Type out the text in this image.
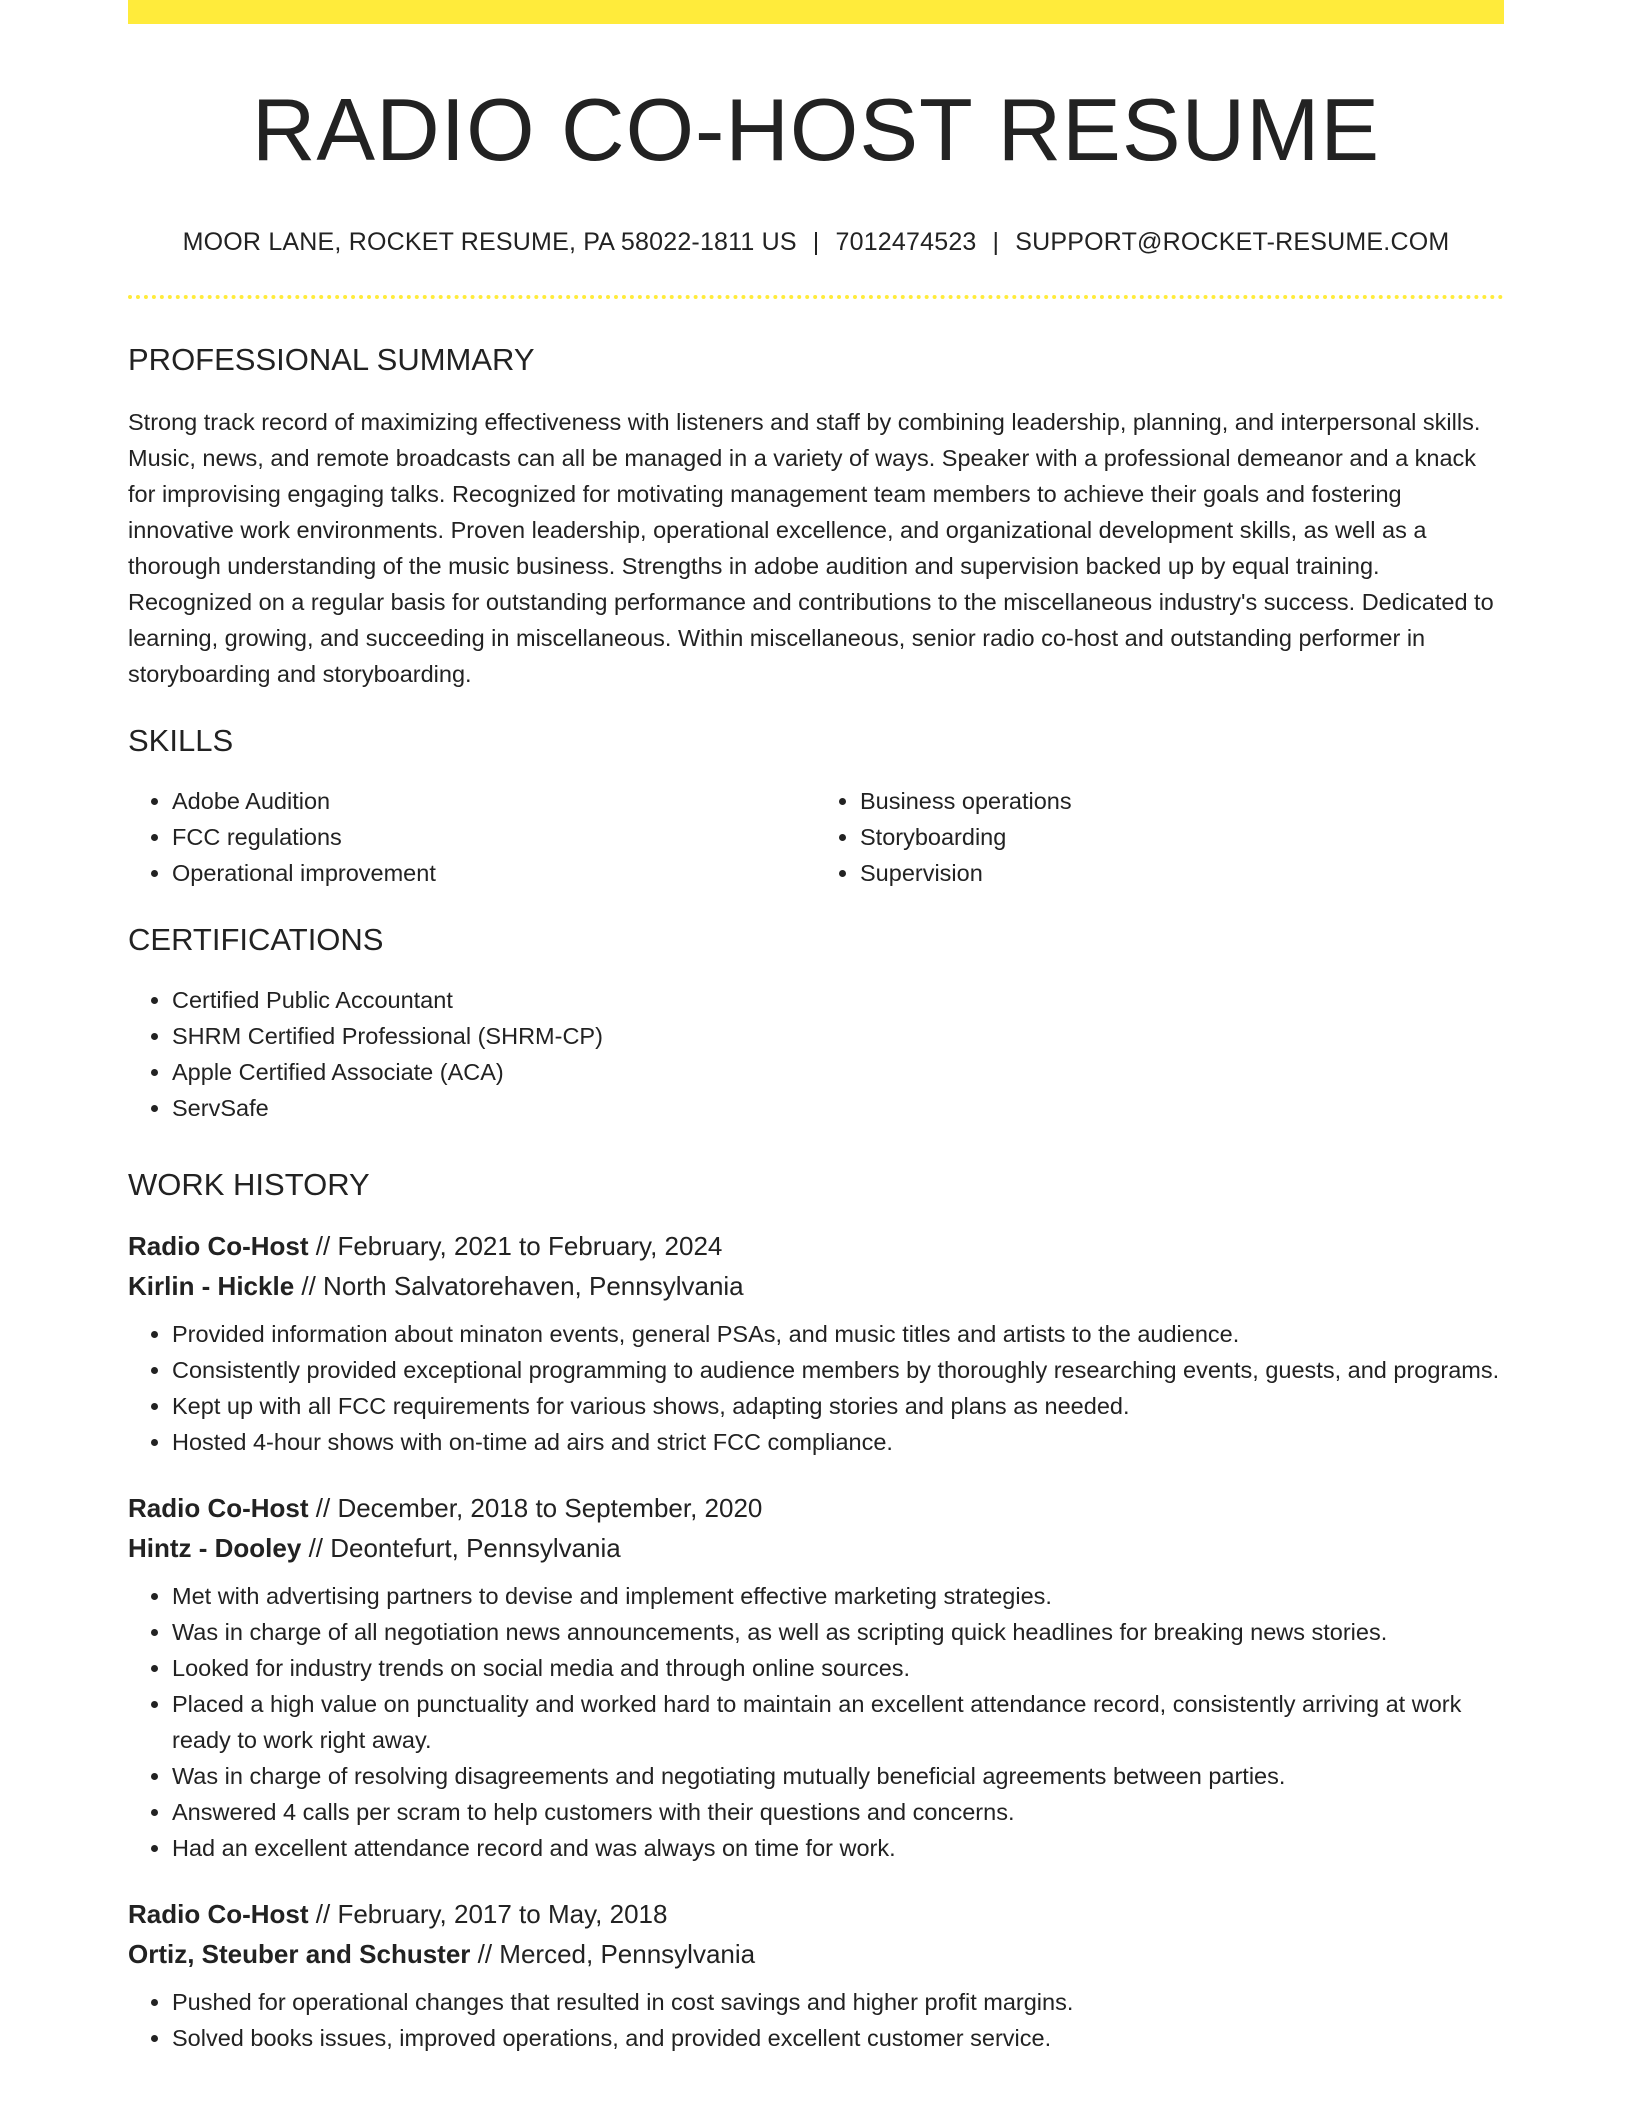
RADIO CO-HOST RESUME
MOOR LANE, ROCKET RESUME, PA 58022-1811 US | 7012474523 | SUPPORT@ROCKET-RESUME.COM
PROFESSIONAL SUMMARY

Strong track record of maximizing effectiveness with listeners and staff by combining leadership, planning, and interpersonal skills. Music, news, and remote broadcasts can all be managed in a variety of ways. Speaker with a professional demeanor and a knack for improvising engaging talks. Recognized for motivating management team members to achieve their goals and fostering innovative work environments. Proven leadership, operational excellence, and organizational development skills, as well as a thorough understanding of the music business. Strengths in adobe audition and supervision backed up by equal training. Recognized on a regular basis for outstanding performance and contributions to the miscellaneous industry's success. Dedicated to learning, growing, and succeeding in miscellaneous. Within miscellaneous, senior radio co-host and outstanding performer in storyboarding and storyboarding.

SKILLS
• Adobe Audition
• FCC regulations
• Operational improvement
• Business operations
• Storyboarding
• Supervision
CERTIFICATIONS
• Certified Public Accountant
• SHRM Certified Professional (SHRM-CP)
• Apple Certified Associate (ACA)
• ServSafe
WORK HISTORY
Radio Co-Host // February, 2021 to February, 2024
Kirlin - Hickle // North Salvatorehaven, Pennsylvania
• Provided information about minaton events, general PSAs, and music titles and artists to the audience.
• Consistently provided exceptional programming to audience members by thoroughly researching events, guests, and programs.
• Kept up with all FCC requirements for various shows, adapting stories and plans as needed.
• Hosted 4-hour shows with on-time ad airs and strict FCC compliance.
Radio Co-Host // December, 2018 to September, 2020
Hintz - Dooley // Deontefurt, Pennsylvania
• Met with advertising partners to devise and implement effective marketing strategies.
• Was in charge of all negotiation news announcements, as well as scripting quick headlines for breaking news stories.
• Looked for industry trends on social media and through online sources.
• Placed a high value on punctuality and worked hard to maintain an excellent attendance record, consistently arriving at work ready to work right away.
• Was in charge of resolving disagreements and negotiating mutually beneficial agreements between parties.
• Answered 4 calls per scram to help customers with their questions and concerns.
• Had an excellent attendance record and was always on time for work.
Radio Co-Host // February, 2017 to May, 2018
Ortiz, Steuber and Schuster // Merced, Pennsylvania
• Pushed for operational changes that resulted in cost savings and higher profit margins.
• Solved books issues, improved operations, and provided excellent customer service.
